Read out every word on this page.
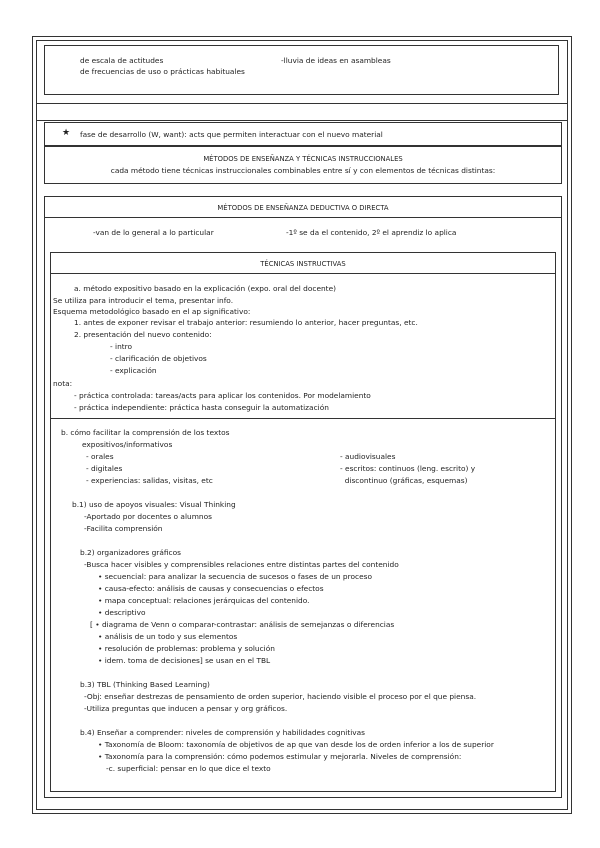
de escala de actitudes
de frecuencias de uso o prácticas habituales
-lluvia de ideas en asambleas
★ fase de desarrollo (W, want): acts que permiten interactuar con el nuevo material
MÉTODOS DE ENSEÑANZA Y TÉCNICAS INSTRUCCIONALES
cada método tiene técnicas instruccionales combinables entre sí y con elementos de técnicas distintas:
MÉTODOS DE ENSEÑANZA DEDUCTIVA O DIRECTA
-van de lo general a lo particular	-1º se da el contenido, 2º el aprendiz lo aplica
TÉCNICAS INSTRUCTIVAS
a. método expositivo basado en la explicación (expo. oral del docente)
Se utiliza para introducir el tema, presentar info.
Esquema metodológico basado en el ap significativo:
1. antes de exponer revisar el trabajo anterior: resumiendo lo anterior, hacer preguntas, etc.
2. presentación del nuevo contenido:
- intro
- clarificación de objetivos
- explicación
nota:
- práctica controlada: tareas/acts para aplicar los contenidos. Por modelamiento
- práctica independiente: práctica hasta conseguir la automatización
b. cómo facilitar la comprensión de los textos
expositivos/informativos
- orales
- digitales
- experiencias: salidas, visitas, etc
- audiovisuales
- escritos: continuos (leng. escrito) y
discontinuo (gráficas, esquemas)
b.1) uso de apoyos visuales: Visual Thinking
-Aportado por docentes o alumnos
-Facilita comprensión
b.2) organizadores gráficos
-Busca hacer visibles y comprensibles relaciones entre distintas partes del contenido
• secuencial: para analizar la secuencia de sucesos o fases de un proceso
• causa-efecto: análisis de causas y consecuencias o efectos
• mapa conceptual: relaciones jerárquicas del contenido.
• descriptivo
[ • diagrama de Venn o comparar-contrastar: análisis de semejanzas o diferencias
• análisis de un todo y sus elementos
• resolución de problemas: problema y solución
• idem. toma de decisiones] se usan en el TBL
b.3) TBL (Thinking Based Learning)
-Obj: enseñar destrezas de pensamiento de orden superior, haciendo visible el proceso por el que piensa.
-Utiliza preguntas que inducen a pensar y org gráficos.
b.4) Enseñar a comprender: niveles de comprensión y habilidades cognitivas
• Taxonomía de Bloom: taxonomía de objetivos de ap que van desde los de orden inferior a los de superior
• Taxonomía para la comprensión: cómo podemos estimular y mejorarla. Niveles de comprensión:
-c. superficial: pensar en lo que dice el texto
